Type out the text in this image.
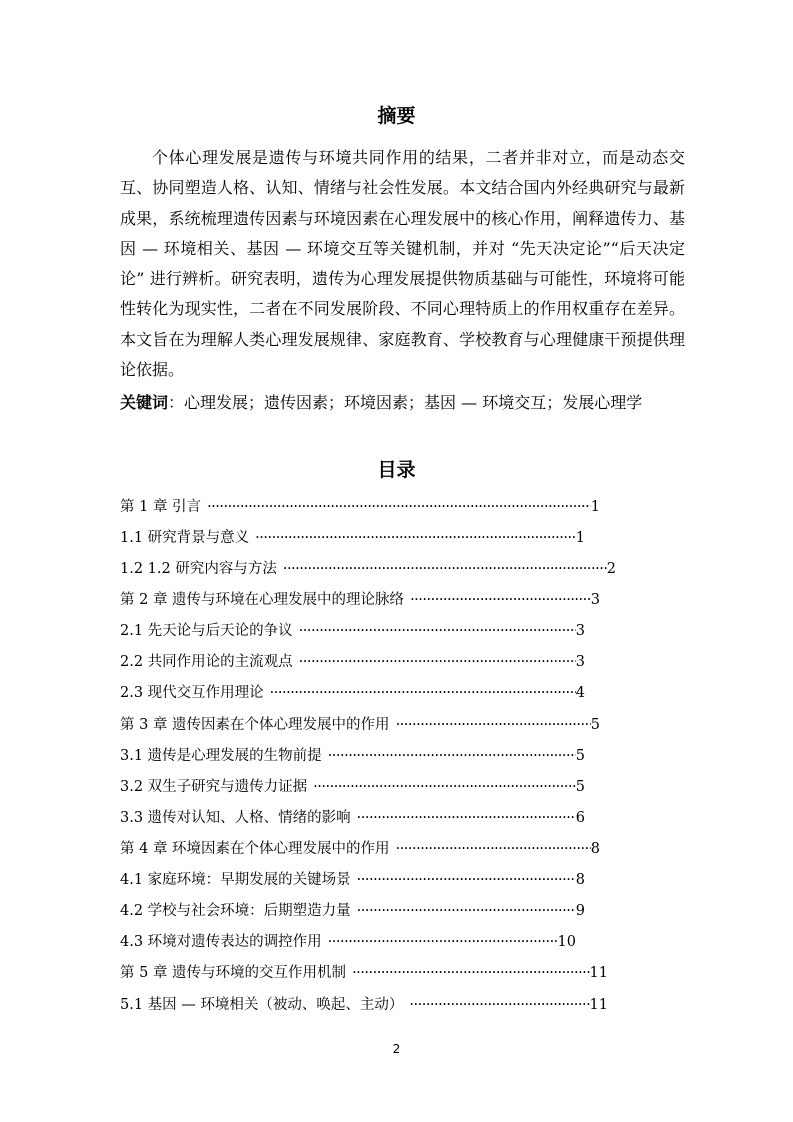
摘要
个体心理发展是遗传与环境共同作用的结果，二者并非对立，而是动态交互、协同塑造人格、认知、情绪与社会性发展。本文结合国内外经典研究与最新成果，系统梳理遗传因素与环境因素在心理发展中的核心作用，阐释遗传力、基因 — 环境相关、基因 — 环境交互等关键机制，并对 “先天决定论”“后天决定论” 进行辨析。研究表明，遗传为心理发展提供物质基础与可能性，环境将可能性转化为现实性，二者在不同发展阶段、不同心理特质上的作用权重存在差异。本文旨在为理解人类心理发展规律、家庭教育、学校教育与心理健康干预提供理论依据。
关键词：心理发展；遗传因素；环境因素；基因 — 环境交互；发展心理学
目录
第 1 章 引言 ·····	1
1.1 研究背景与意义 ·····	1
1.2 1.2 研究内容与方法 ·····	2
第 2 章 遗传与环境在心理发展中的理论脉络 ·····	3
2.1 先天论与后天论的争议 ·····	3
2.2 共同作用论的主流观点 ·····	3
2.3 现代交互作用理论 ·····	4
第 3 章 遗传因素在个体心理发展中的作用 ·····	5
3.1 遗传是心理发展的生物前提 ·····	5
3.2 双生子研究与遗传力证据 ·····	5
3.3 遗传对认知、人格、情绪的影响 ·····	6
第 4 章 环境因素在个体心理发展中的作用 ·····	8
4.1 家庭环境：早期发展的关键场景 ·····	8
4.2 学校与社会环境：后期塑造力量 ·····	9
4.3 环境对遗传表达的调控作用 ·····	10
第 5 章 遗传与环境的交互作用机制 ·····	11
5.1 基因 — 环境相关（被动、唤起、主动） ·····	11
2
